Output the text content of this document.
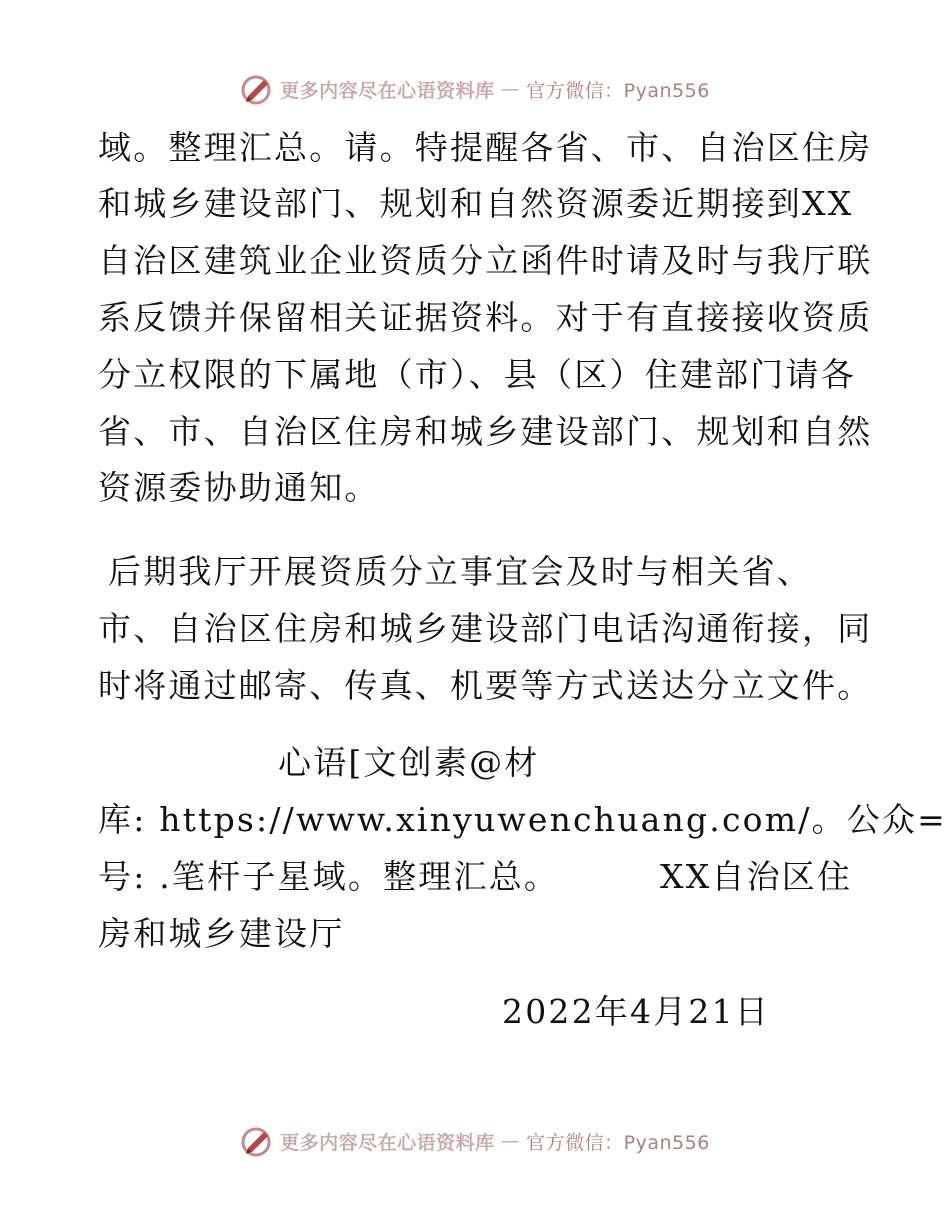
更多内容尽在心语资料库 — 官方微信：Pyan556
域。整理汇总。请。特提醒各省、市、自治区住房
和城乡建设部门、规划和自然资源委近期接到XX
自治区建筑业企业资质分立函件时请及时与我厅联
系反馈并保留相关证据资料。对于有直接接收资质
分立权限的下属地（市）、县（区）住建部门请各
省、市、自治区住房和城乡建设部门、规划和自然
资源委协助通知。
后期我厅开展资质分立事宜会及时与相关省、
市、自治区住房和城乡建设部门电话沟通衔接，同
时将通过邮寄、传真、机要等方式送达分立文件。
心语[文创素@材
库: https://www.xinyuwenchuang.com/。公众=
号: .笔杆子星域。整理汇总。	XX自治区住
房和城乡建设厅
2022年4月21日
更多内容尽在心语资料库 — 官方微信：Pyan556
